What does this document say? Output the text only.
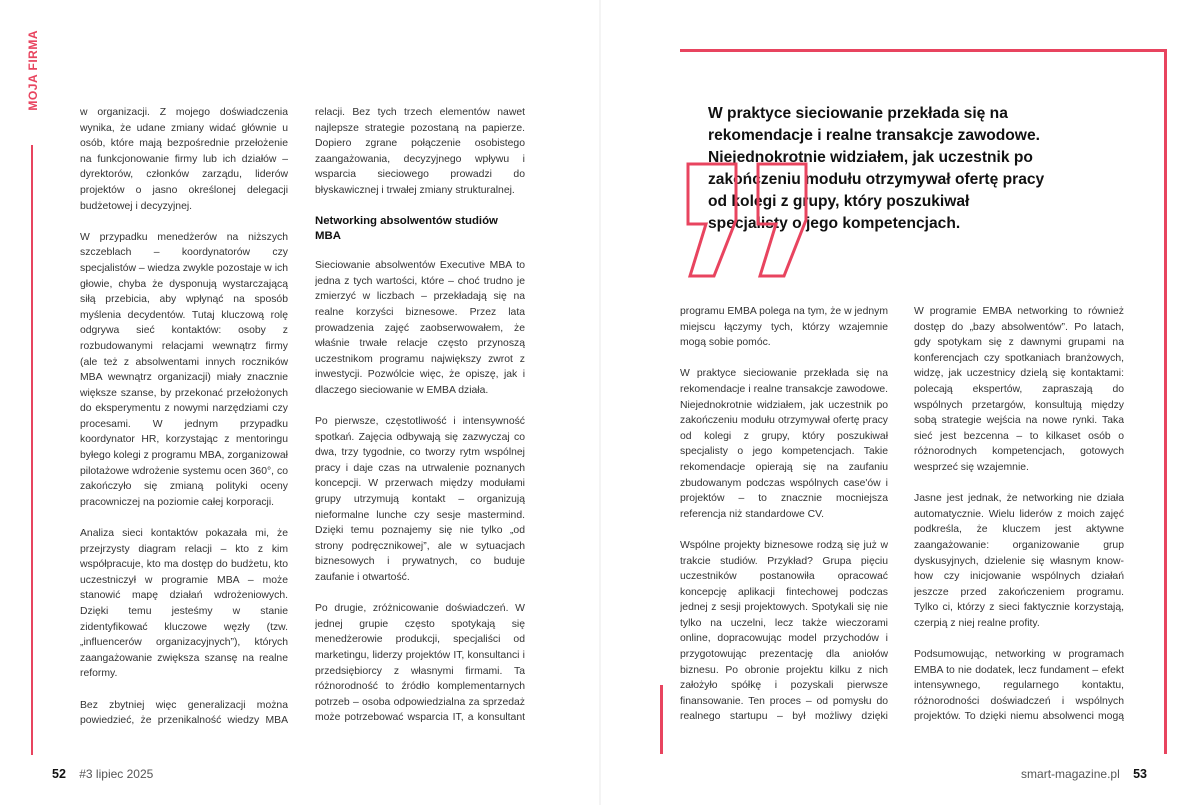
MOJA FIRMA

w organizacji. Z mojego doświadczenia wynika, że udane zmiany widać głównie u osób, które mają bezpośrednie przełożenie na funkcjonowanie firmy lub ich działów – dyrektorów, członków zarządu, liderów projektów o jasno określonej delegacji budżetowej i decyzyjnej.

W przypadku menedżerów na niższych szczeblach – koordynatorów czy specjalistów – wiedza zwykle pozostaje w ich głowie, chyba że dysponują wystarczającą siłą przebicia, aby wpłynąć na sposób myślenia decydentów. Tutaj kluczową rolę odgrywa sieć kontaktów: osoby z rozbudowanymi relacjami wewnątrz firmy (ale też z absolwentami innych roczników MBA wewnątrz organizacji) miały znacznie większe szanse, by przekonać przełożonych do eksperymentu z nowymi narzędziami czy procesami. W jednym przypadku koordynator HR, korzystając z mentoringu byłego kolegi z programu MBA, zorganizował pilotażowe wdrożenie systemu ocen 360°, co zakończyło się zmianą polityki oceny pracowniczej na poziomie całej korporacji.

Analiza sieci kontaktów pokazała mi, że przejrzysty diagram relacji – kto z kim współpracuje, kto ma dostęp do budżetu, kto uczestniczył w programie MBA – może stanowić mapę działań wdrożeniowych. Dzięki temu jesteśmy w stanie zidentyfikować kluczowe węzły (tzw. „influencerów organizacyjnych”), których zaangażowanie zwiększa szansę na realne reformy.

Bez zbytniej więc generalizacji można powiedzieć, że przenikalność wiedzy MBA

relacji. Bez tych trzech elementów nawet najlepsze strategie pozostaną na papierze. Dopiero zgrane połączenie osobistego zaangażowania, decyzyjnego wpływu i wsparcia sieciowego prowadzi do błyskawicznej i trwałej zmiany strukturalnej.

Networking absolwentów studiów MBA

Sieciowanie absolwentów Executive MBA to jedna z tych wartości, które – choć trudno je zmierzyć w liczbach – przekładają się na realne korzyści biznesowe. Przez lata prowadzenia zajęć zaobserwowałem, że właśnie trwałe relacje często przynoszą uczestnikom programu największy zwrot z inwestycji. Pozwólcie więc, że opiszę, jak i dlaczego sieciowanie w EMBA działa.

Po pierwsze, częstotliwość i intensywność spotkań. Zajęcia odbywają się zazwyczaj co dwa, trzy tygodnie, co tworzy rytm wspólnej pracy i daje czas na utrwalenie poznanych koncepcji. W przerwach między modułami grupy utrzymują kontakt – organizują nieformalne lunche czy sesje mastermind. Dzięki temu poznajemy się nie tylko „od strony podręcznikowej”, ale w sytuacjach biznesowych i prywatnych, co buduje zaufanie i otwartość.

Po drugie, zróżnicowanie doświadczeń. W jednej grupie często spotykają się menedżerowie produkcji, specjaliści od marketingu, liderzy projektów IT, konsultanci i przedsiębiorcy z własnymi firmami. Ta różnorodność to źródło komplementarnych potrzeb – osoba odpowiedzialna za sprzedaż może potrzebować wsparcia IT, a konsultant

52 #3 lipiec 2025
W praktyce sieciowanie przekłada się na rekomendacje i realne transakcje zawodowe. Niejednokrotnie widziałem, jak uczestnik po zakończeniu modułu otrzymywał ofertę pracy od kolegi z grupy, który poszukiwał specjalisty o jego kompetencjach.

programu EMBA polega na tym, że w jednym miejscu łączymy tych, którzy wzajemnie mogą sobie pomóc.

W praktyce sieciowanie przekłada się na rekomendacje i realne transakcje zawodowe. Niejednokrotnie widziałem, jak uczestnik po zakończeniu modułu otrzymywał ofertę pracy od kolegi z grupy, który poszukiwał specjalisty o jego kompetencjach. Takie rekomendacje opierają się na zaufaniu zbudowanym podczas wspólnych case'ów i projektów – to znacznie mocniejsza referencja niż standardowe CV.

Wspólne projekty biznesowe rodzą się już w trakcie studiów. Przykład? Grupa pięciu uczestników postanowiła opracować koncepcję aplikacji fintechowej podczas jednej z sesji projektowych. Spotykali się nie tylko na uczelni, lecz także wieczorami online, dopracowując model przychodów i przygotowując prezentację dla aniołów biznesu. Po obronie projektu kilku z nich założyło spółkę i pozyskali pierwsze finansowanie. Ten proces – od pomysłu do realnego startupu – był możliwy dzięki

W programie EMBA networking to również dostęp do „bazy absolwentów”. Po latach, gdy spotykam się z dawnymi grupami na konferencjach czy spotkaniach branżowych, widzę, jak uczestnicy dzielą się kontaktami: polecają ekspertów, zapraszają do wspólnych przetargów, konsultują między sobą strategie wejścia na nowe rynki. Taka sieć jest bezcenna – to kilkaset osób o różnorodnych kompetencjach, gotowych wesprzeć się wzajemnie.

Jasne jest jednak, że networking nie działa automatycznie. Wielu liderów z moich zajęć podkreśla, że kluczem jest aktywne zaangażowanie: organizowanie grup dyskusyjnych, dzielenie się własnym know-how czy inicjowanie wspólnych działań jeszcze przed zakończeniem programu. Tylko ci, którzy z sieci faktycznie korzystają, czerpią z niej realne profity.

Podsumowując, networking w programach EMBA to nie dodatek, lecz fundament – efekt intensywnego, regularnego kontaktu, różnorodności doświadczeń i wspólnych projektów. To dzięki niemu absolwenci mogą

smart-magazine.pl 53
